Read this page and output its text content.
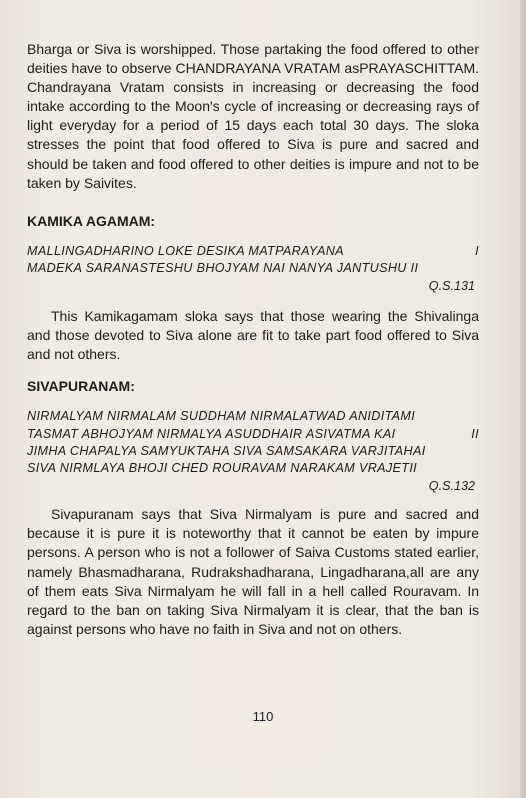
Bharga or Siva is worshipped. Those partaking the food offered to other deities have to observe CHANDRAYANA VRATAM asPRAYASCHITTAM. Chandrayana Vratam consists in increasing or decreasing the food intake according to the Moon's cycle of increasing or decreasing rays of light everyday for a period of 15 days each total 30 days. The sloka stresses the point that food offered to Siva is pure and sacred and should be taken and food offered to other deities is impure and not to be taken by Saivites.

KAMIKA AGAMAM:

MALLINGADHARINO LOKE DESIKA MATPARAYANA	I
MADEKA SARANASTESHU BHOJYAM NAI NANYA JANTUSHU II

Q.S.131

This Kamikagamam sloka says that those wearing the Shivalinga and those devoted to Siva alone are fit to take part food offered to Siva and not others.

SIVAPURANAM:

NIRMALYAM NIRMALAM SUDDHAM NIRMALATWAD ANIDITAMI
TASMAT ABHOJYAM NIRMALYA ASUDDHAIR ASIVATMA KAI	II
JIMHA CHAPALYA SAMYUKTAHA SIVA SAMSAKARA VARJITAHAI
SIVA NIRMLAYA BHOJI CHED ROURAVAM NARAKAM VRAJETII

Q.S.132

Sivapuranam says that Siva Nirmalyam is pure and sacred and because it is pure it is noteworthy that it cannot be eaten by impure persons. A person who is not a follower of Saiva Customs stated earlier, namely Bhasmadharana, Rudrakshadharana, Lingadharana,all are any of them eats Siva Nirmalyam he will fall in a hell called Rouravam. In regard to the ban on taking Siva Nirmalyam it is clear, that the ban is against persons who have no faith in Siva and not on others.

110
